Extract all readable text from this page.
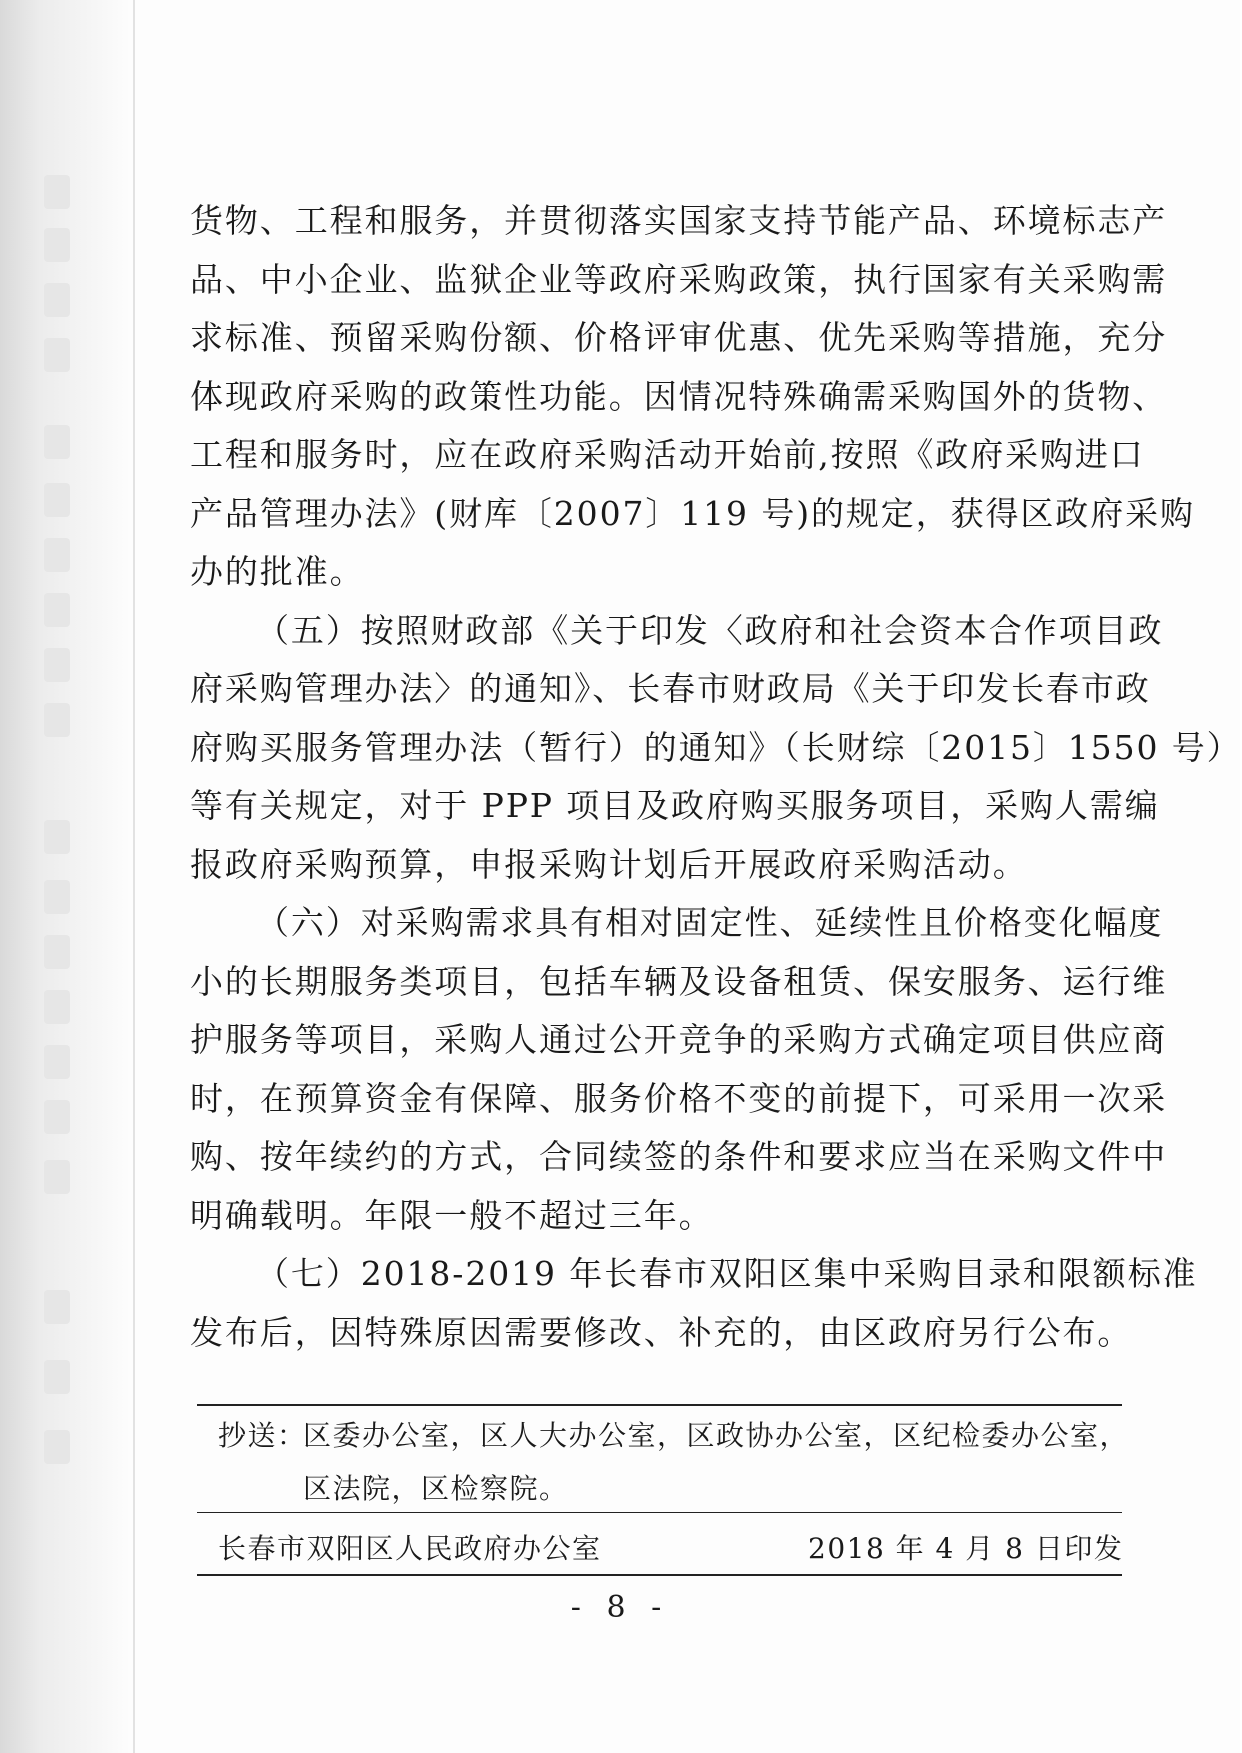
货物、工程和服务，并贯彻落实国家支持节能产品、环境标志产
品、中小企业、监狱企业等政府采购政策，执行国家有关采购需
求标准、预留采购份额、价格评审优惠、优先采购等措施，充分
体现政府采购的政策性功能。因情况特殊确需采购国外的货物、
工程和服务时，应在政府采购活动开始前,按照《政府采购进口
产品管理办法》(财库〔2007〕119 号)的规定，获得区政府采购
办的批准。
（五）按照财政部《关于印发〈政府和社会资本合作项目政
府采购管理办法〉的通知》、长春市财政局《关于印发长春市政
府购买服务管理办法（暂行）的通知》（长财综〔2015〕1550 号）
等有关规定，对于 PPP 项目及政府购买服务项目，采购人需编
报政府采购预算，申报采购计划后开展政府采购活动。
（六）对采购需求具有相对固定性、延续性且价格变化幅度
小的长期服务类项目，包括车辆及设备租赁、保安服务、运行维
护服务等项目，采购人通过公开竞争的采购方式确定项目供应商
时，在预算资金有保障、服务价格不变的前提下，可采用一次采
购、按年续约的方式，合同续签的条件和要求应当在采购文件中
明确载明。年限一般不超过三年。
（七）2018-2019 年长春市双阳区集中采购目录和限额标准
发布后，因特殊原因需要修改、补充的，由区政府另行公布。
抄送：
区委办公室，区人大办公室，区政协办公室，区纪检委办公室，
区法院，区检察院。
长春市双阳区人民政府办公室	2018 年 4 月 8 日印发
- 8 -
